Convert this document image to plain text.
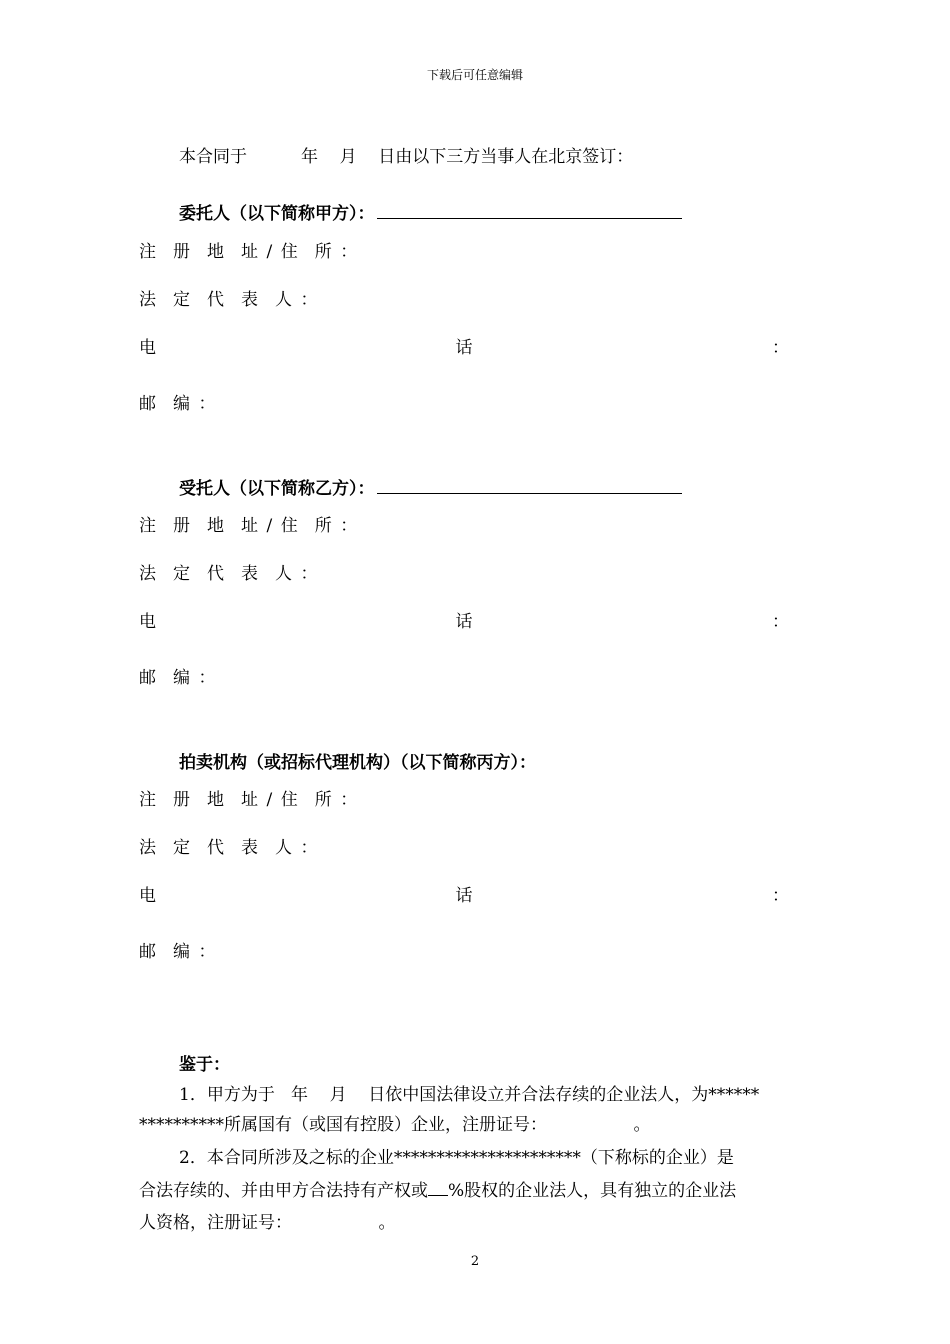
下载后可任意编辑
本合同于          年    月    日由以下三方当事人在北京签订：
委托人（以下简称甲方）：
注  册  地  址  /  住  所  ：
法  定  代  表  人  ：
电	话	：
邮  编  ：
受托人（以下简称乙方）：
注  册  地  址  /  住  所  ：
法  定  代  表  人  ：
电	话	：
邮  编  ：
拍卖机构（或招标代理机构）（以下简称丙方）：
注  册  地  址  /  住  所  ：
法  定  代  表  人  ：
电	话	：
邮  编  ：
鉴于：
1．甲方为于   年    月    日依中国法律设立并合法存续的企业法人，为******
**********所属国有（或国有控股）企业，注册证号：                。
2．本合同所涉及之标的企业**********************（下称标的企业）是
合法存续的、并由甲方合法持有产权或 %股权的企业法人，具有独立的企业法
人资格，注册证号：                。
2
